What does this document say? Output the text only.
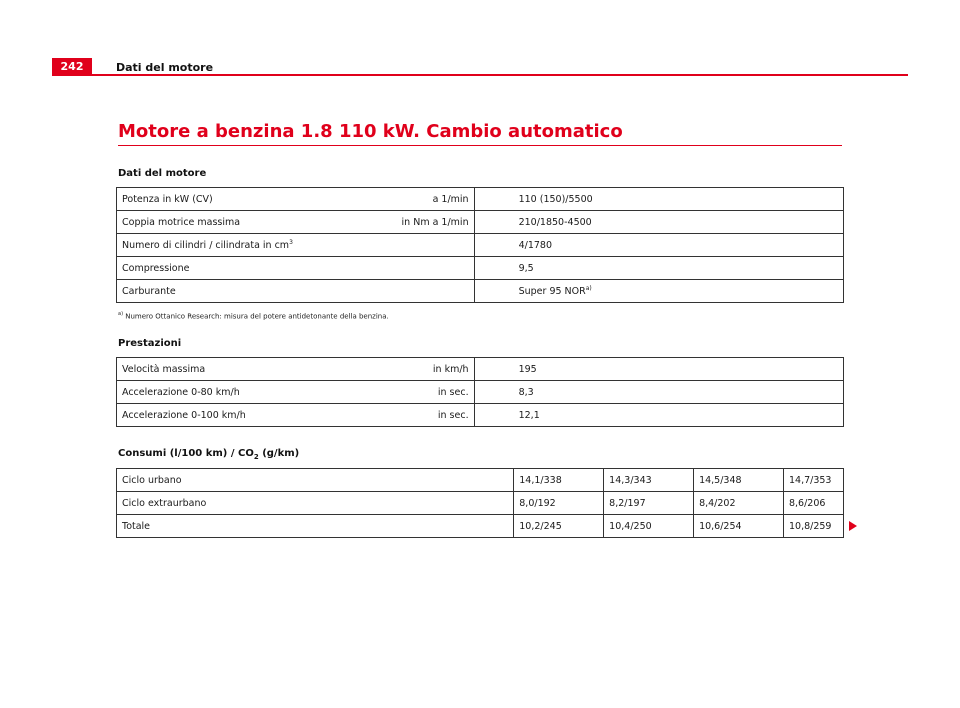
242	Dati del motore
Motore a benzina 1.8 110 kW. Cambio automatico
Dati del motore
Potenza in kW (CV) a 1/min	110 (150)/5500

Coppia motrice massima in Nm a 1/min	210/1850-4500

Numero di cilindri / cilindrata in $cm^3$	4/1780

Compressione	9,5

Carburante	Super 95 NOR$^{a)}$
$^{a)}$ Numero Ottanico Research: misura del potere antidetonante della benzina.
Prestazioni
Velocità massima in km/h	195

Accelerazione 0-80 km/h in sec.	8,3

Accelerazione 0-100 km/h in sec.	12,1
Consumi (l/100 $km) / CO_2$ (g/km)
Ciclo urbano	14,1/338	14,3/343	14,5/348	14,7/353
Ciclo extraurbano	8,0/192	8,2/197	8,4/202	8,6/206
Totale	10,2/245	10,4/250	10,6/254	10,8/259
